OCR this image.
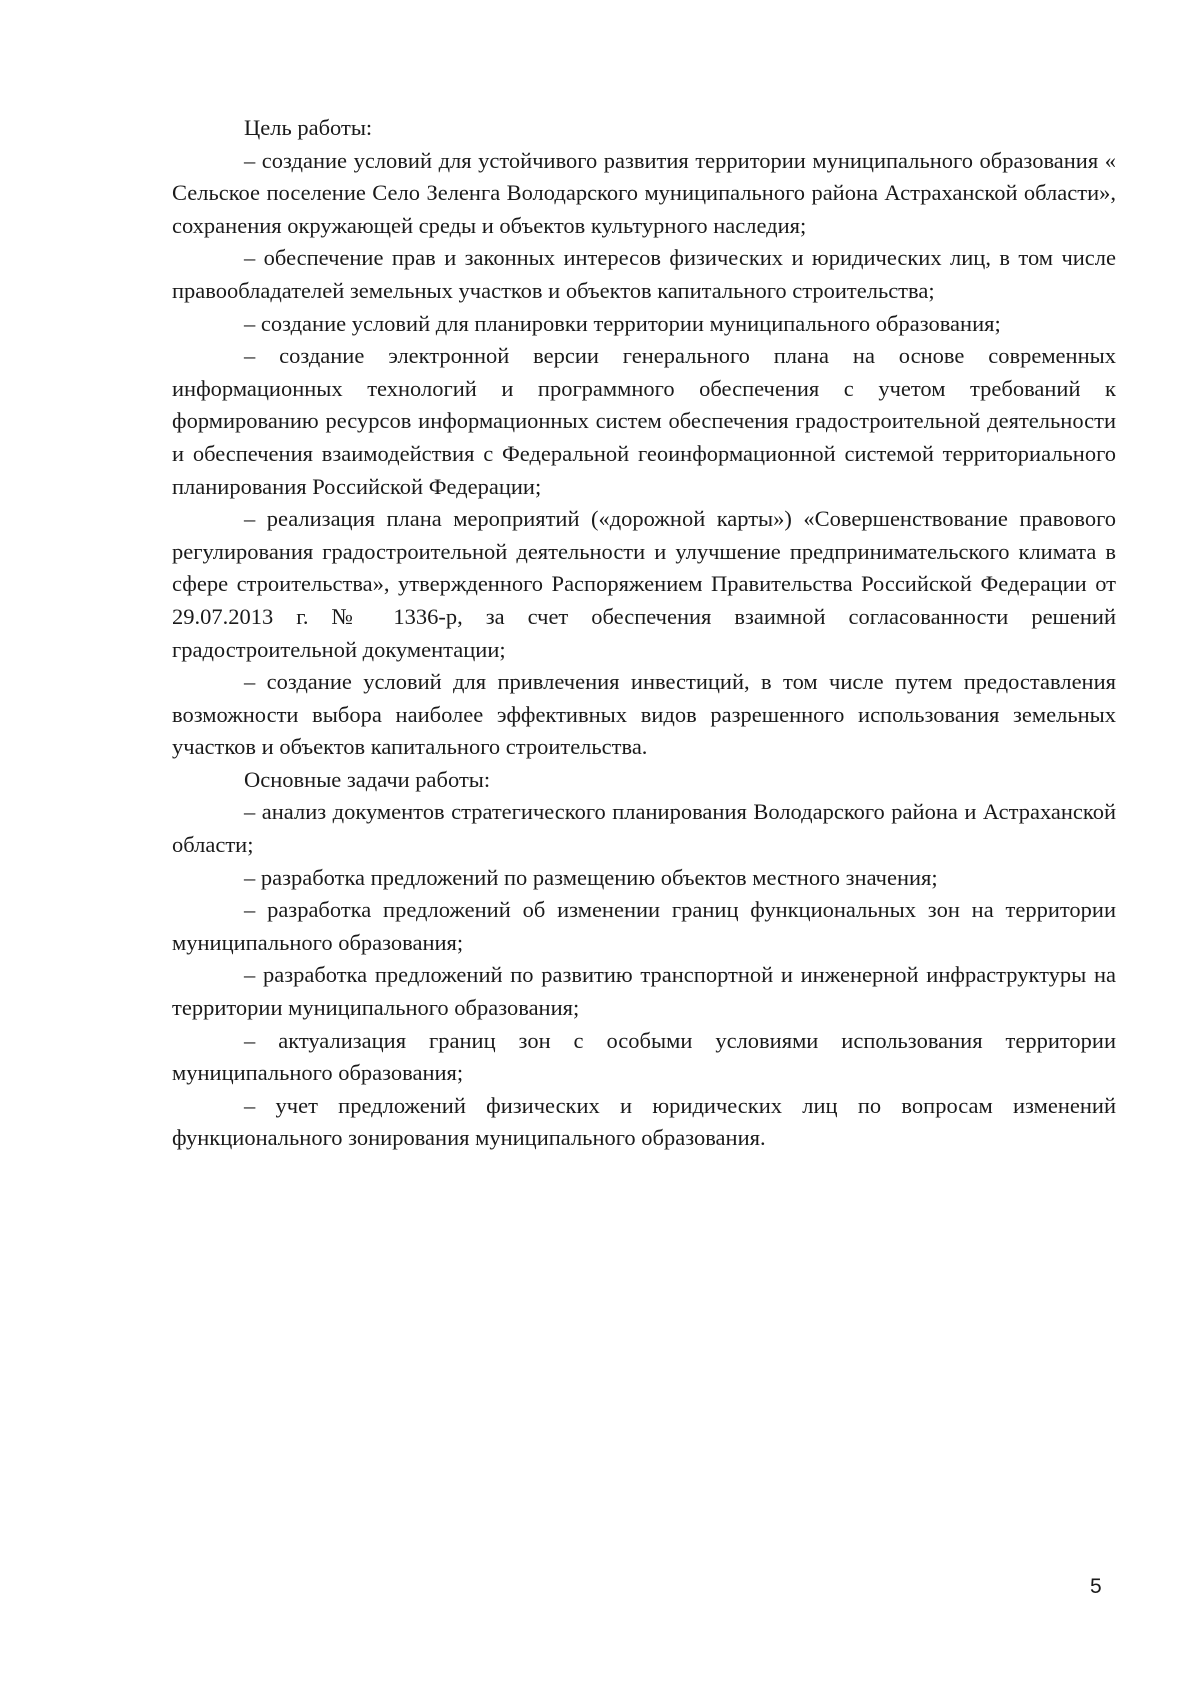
Цель работы:

– создание условий для устойчивого развития территории муниципального образования « Сельское поселение Село Зеленга Володарского муниципального района Астраханской области», сохранения окружающей среды и объектов культурного наследия;

– обеспечение прав и законных интересов физических и юридических лиц, в том числе правообладателей земельных участков и объектов капитального строительства;

– создание условий для планировки территории муниципального образования;

– создание электронной версии генерального плана на основе современных информационных технологий и программного обеспечения с учетом требований к формированию ресурсов информационных систем обеспечения градостроительной деятельности и обеспечения взаимодействия с Федеральной геоинформационной системой территориального планирования Российской Федерации;

– реализация плана мероприятий («дорожной карты») «Совершенствование правового регулирования градостроительной деятельности и улучшение предпринимательского климата в сфере строительства», утвержденного Распоряжением Правительства Российской Федерации от 29.07.2013 г. № 1336-р, за счет обеспечения взаимной согласованности решений градостроительной документации;

– создание условий для привлечения инвестиций, в том числе путем предоставления возможности выбора наиболее эффективных видов разрешенного использования земельных участков и объектов капитального строительства.

Основные задачи работы:

– анализ документов стратегического планирования Володарского района и Астраханской области;

– разработка предложений по размещению объектов местного значения;

– разработка предложений об изменении границ функциональных зон на территории муниципального образования;

– разработка предложений по развитию транспортной и инженерной инфраструктуры на территории муниципального образования;

– актуализация границ зон с особыми условиями использования территории муниципального образования;

– учет предложений физических и юридических лиц по вопросам изменений функционального зонирования муниципального образования.

5
